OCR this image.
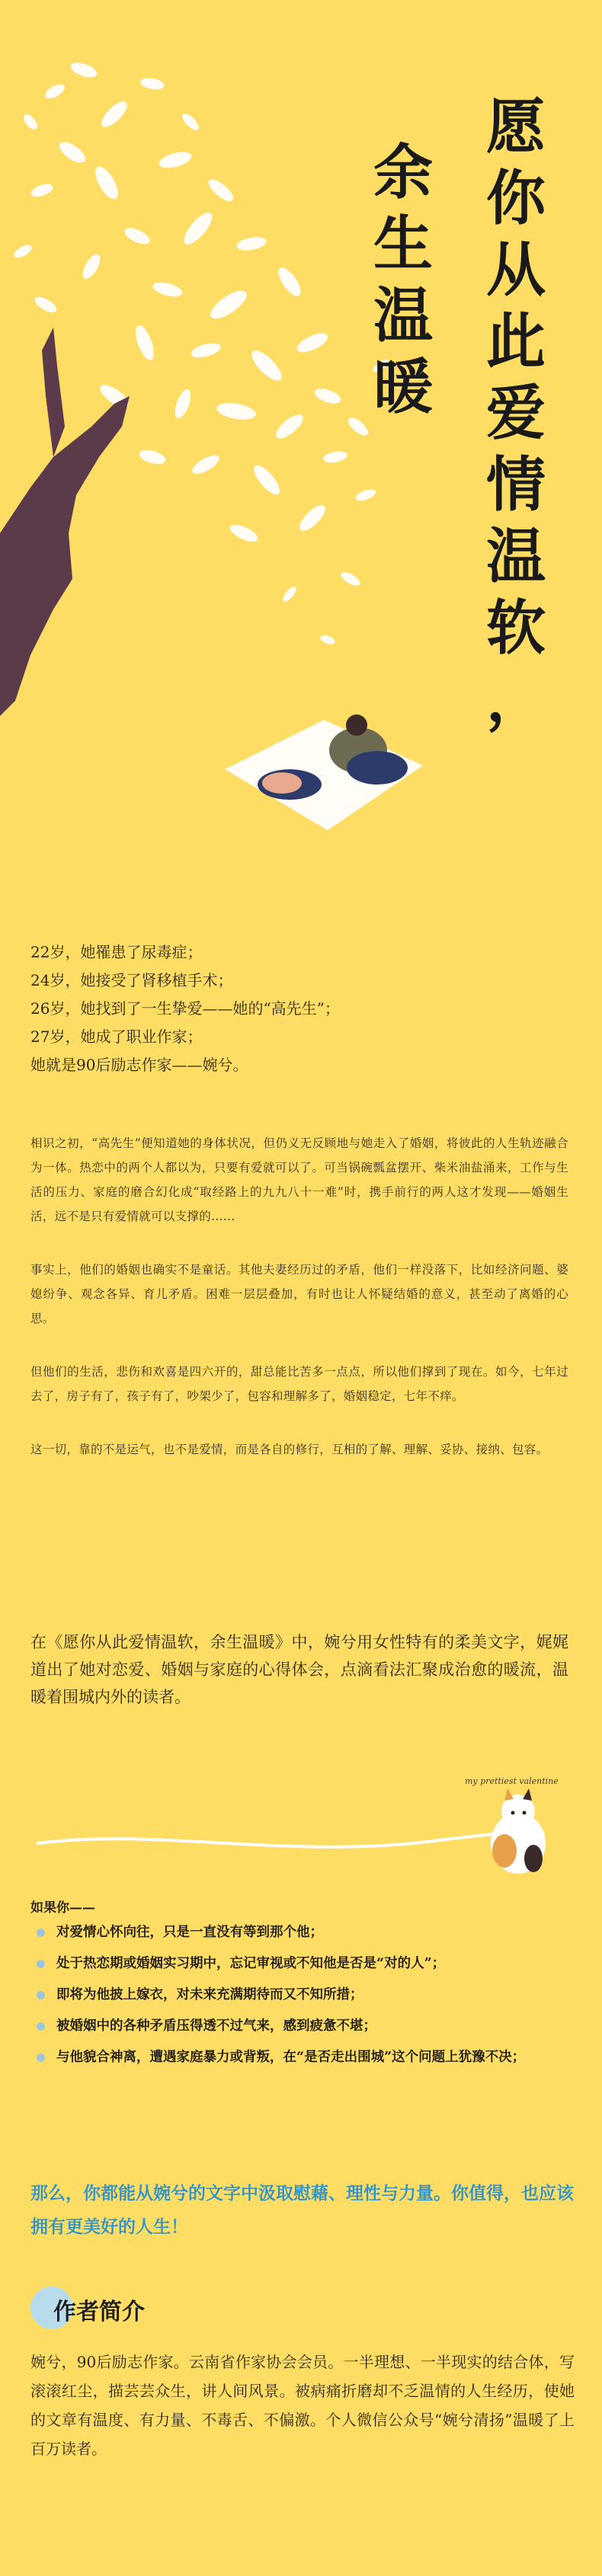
余
生
温
暖
愿
你
从
此
爱
情
温
软
，

22岁，她罹患了尿毒症；

24岁，她接受了肾移植手术；

26岁，她找到了一生挚爱——她的“高先生”；

27岁，她成了职业作家；

她就是90后励志作家——婉兮。

相识之初，“高先生”便知道她的身体状况，但仍义无反顾地与她走入了婚姻，将彼此的人生轨迹融合为一体。热恋中的两个人都以为，只要有爱就可以了。可当锅碗瓢盆摆开、柴米油盐涌来，工作与生活的压力、家庭的磨合幻化成“取经路上的九九八十一难”时，携手前行的两人这才发现——婚姻生活，远不是只有爱情就可以支撑的……

事实上，他们的婚姻也确实不是童话。其他夫妻经历过的矛盾，他们一样没落下，比如经济问题、婆媳纷争、观念各异、育儿矛盾。困难一层层叠加，有时也让人怀疑结婚的意义，甚至动了离婚的心思。

但他们的生活，悲伤和欢喜是四六开的，甜总能比苦多一点点，所以他们撑到了现在。如今，七年过去了，房子有了，孩子有了，吵架少了，包容和理解多了，婚姻稳定，七年不痒。

这一切，靠的不是运气，也不是爱情，而是各自的修行，互相的了解、理解、妥协、接纳、包容。

在《愿你从此爱情温软，余生温暖》中，婉兮用女性特有的柔美文字，娓娓道出了她对恋爱、婚姻与家庭的心得体会，点滴看法汇聚成治愈的暖流，温暖着围城内外的读者。
my prettiest valentine
如果你——
对爱情心怀向往，只是一直没有等到那个他；
处于热恋期或婚姻实习期中，忘记审视或不知他是否是“对的人”；
即将为他披上嫁衣，对未来充满期待而又不知所措；
被婚姻中的各种矛盾压得透不过气来，感到疲惫不堪；
与他貌合神离，遭遇家庭暴力或背叛，在“是否走出围城”这个问题上犹豫不决；
那么，你都能从婉兮的文字中汲取慰藉、理性与力量。你值得，也应该拥有更美好的人生！
作者简介
婉兮，90后励志作家。云南省作家协会会员。一半理想、一半现实的结合体，写滚滚红尘，描芸芸众生，讲人间风景。被病痛折磨却不乏温情的人生经历，使她的文章有温度、有力量、不毒舌、不偏激。个人微信公众号“婉兮清扬”温暖了上百万读者。
